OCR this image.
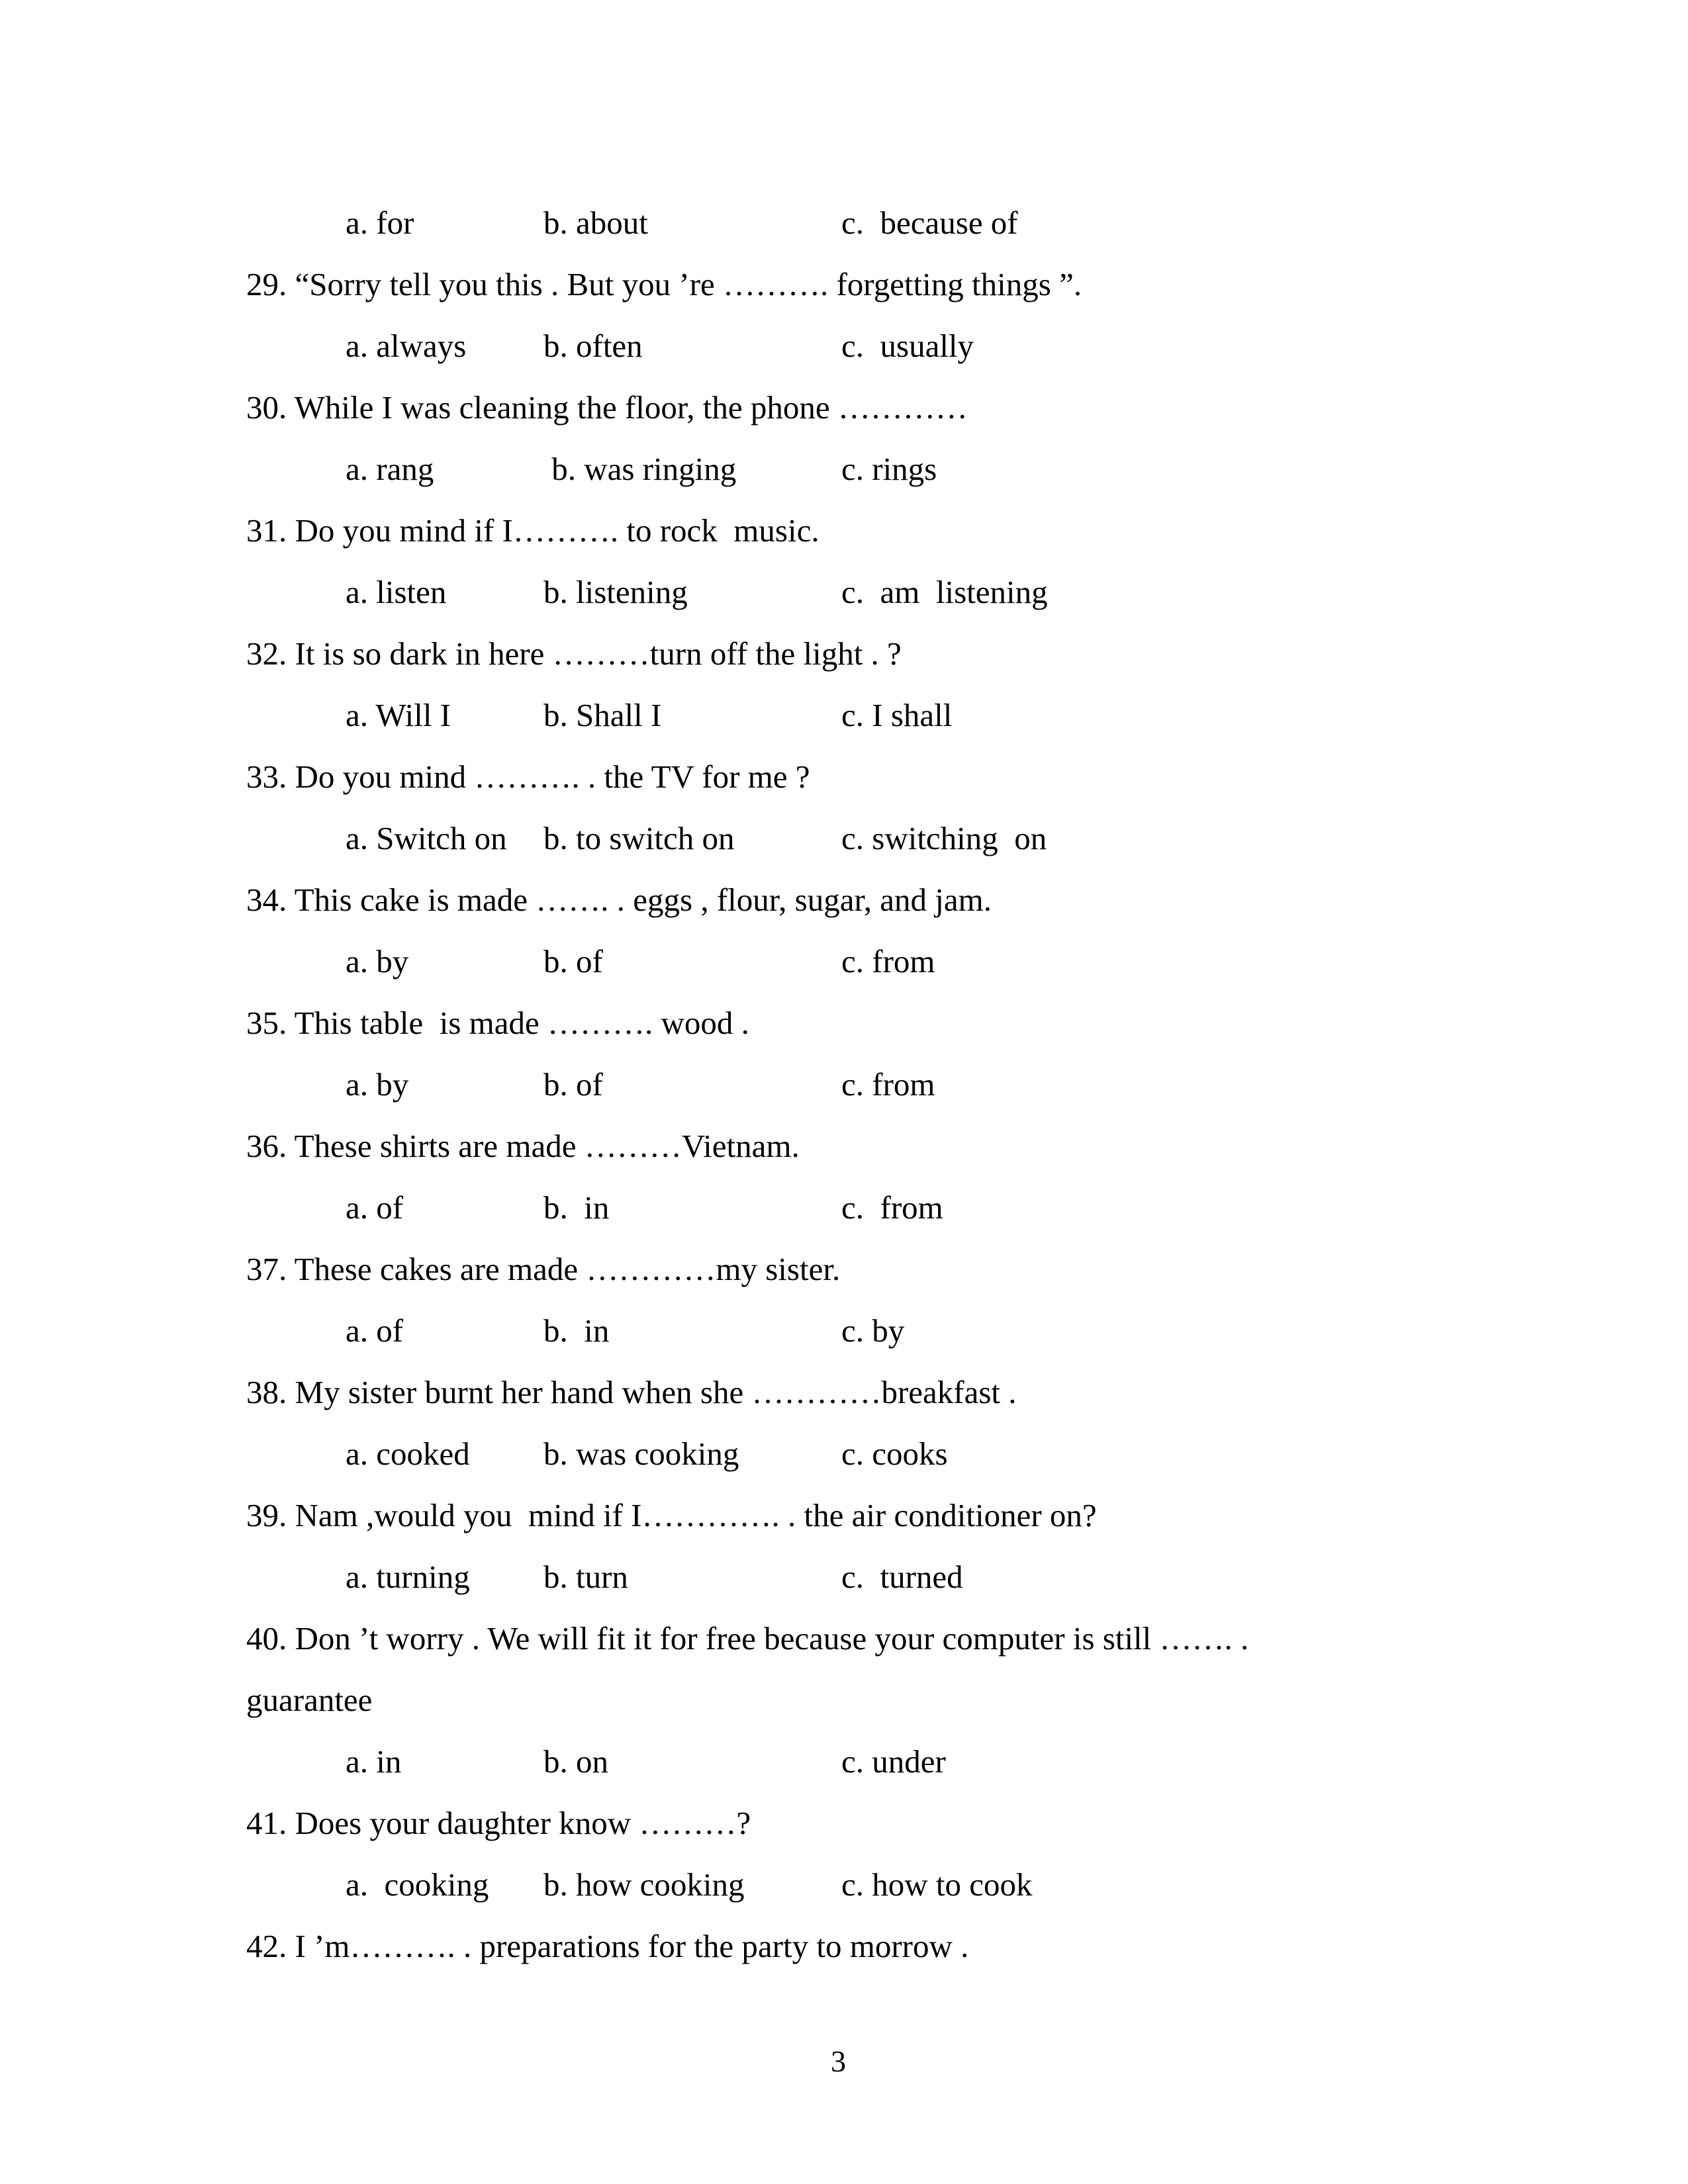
a. for	b. about	c.  because of
29. “Sorry tell you this . But you ’re ………. forgetting things ”.
a. always b. often	c.  usually
30. While I was cleaning the floor, the phone …………
a. rang	b. was ringing	c. rings
31. Do you mind if I………. to rock  music.
a. listen	b. listening	c.  am  listening
32. It is so dark in here ………turn off the light . ?
a. Will I	b. Shall I	c. I shall
33. Do you mind ………. . the TV for me ?
a. Switch on b. to switch on	c. switching  on
34. This cake is made ……. . eggs , flour, sugar, and jam.
a. by	b. of	c. from
35. This table  is made ………. wood .
a. by	b. of	c. from
36. These shirts are made ………Vietnam.
a. of	b.  in	c.  from
37. These cakes are made …………my sister.
a. of	b.  in	c. by
38. My sister burnt her hand when she …………breakfast .
a. cooked b. was cooking	c. cooks
39. Nam ,would you  mind if I…………. . the air conditioner on?
a. turning b. turn	c.  turned
40. Don ’t worry . We will fit it for free because your computer is still ……. .
guarantee
a. in	b. on	c. under
41. Does your daughter know ………?
a.  cooking b. how cooking	c. how to cook
42. I ’m………. . preparations for the party to morrow .
3
